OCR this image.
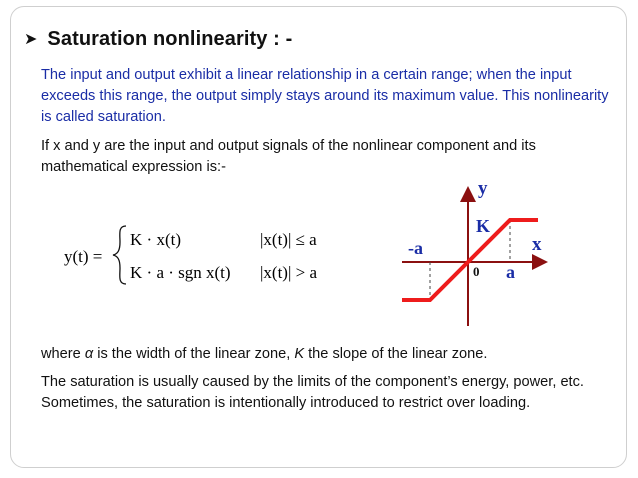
➤ Saturation nonlinearity : -
The input and output exhibit a linear relationship in a certain range; when the input exceeds this range, the output simply stays around its maximum value. This nonlinearity is called saturation.
If x and y are the input and output signals of the nonlinear component and its mathematical expression is:-
y(t) =
K · x(t)	|x(t)| ≤ a
K · a · sgn x(t) |x(t)| > a
y
x
K
-a
a
0
where α is the width of the linear zone, K the slope of the linear zone.
The saturation is usually caused by the limits of the component’s energy, power, etc. Sometimes, the saturation is intentionally introduced to restrict over loading.
